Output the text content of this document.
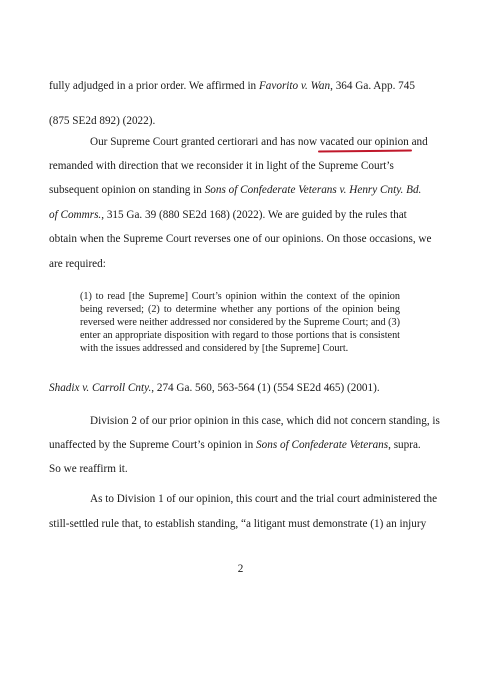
fully adjudged in a prior order. We affirmed in Favorito v. Wan, 364 Ga. App. 745
(875 SE2d 892) (2022).
Our Supreme Court granted certiorari and has now vacated our opinion
and
remanded with direction that we reconsider it in light of the Supreme Court’s
subsequent opinion on standing in Sons of Confederate Veterans v. Henry Cnty. Bd.
of Commrs., 315 Ga. 39 (880 SE2d 168) (2022). We are guided by the rules that
obtain when the Supreme Court reverses one of our opinions. On those occasions, we
are required:
(1) to read [the Supreme] Court’s opinion within the context of the opinion being reversed; (2) to determine whether any portions of the opinion being reversed were neither addressed nor considered by the Supreme Court; and (3) enter an appropriate disposition with regard to those portions that is consistent with the issues addressed and considered by [the Supreme] Court.
Shadix v. Carroll Cnty., 274 Ga. 560, 563-564 (1) (554 SE2d 465) (2001).
Division 2 of our prior opinion in this case, which did not concern standing, is
unaffected by the Supreme Court’s opinion in Sons of Confederate Veterans, supra.
So we reaffirm it.
As to Division 1 of our opinion, this court and the trial court administered the
still-settled rule that, to establish standing, “a litigant must demonstrate (1) an injury
2
